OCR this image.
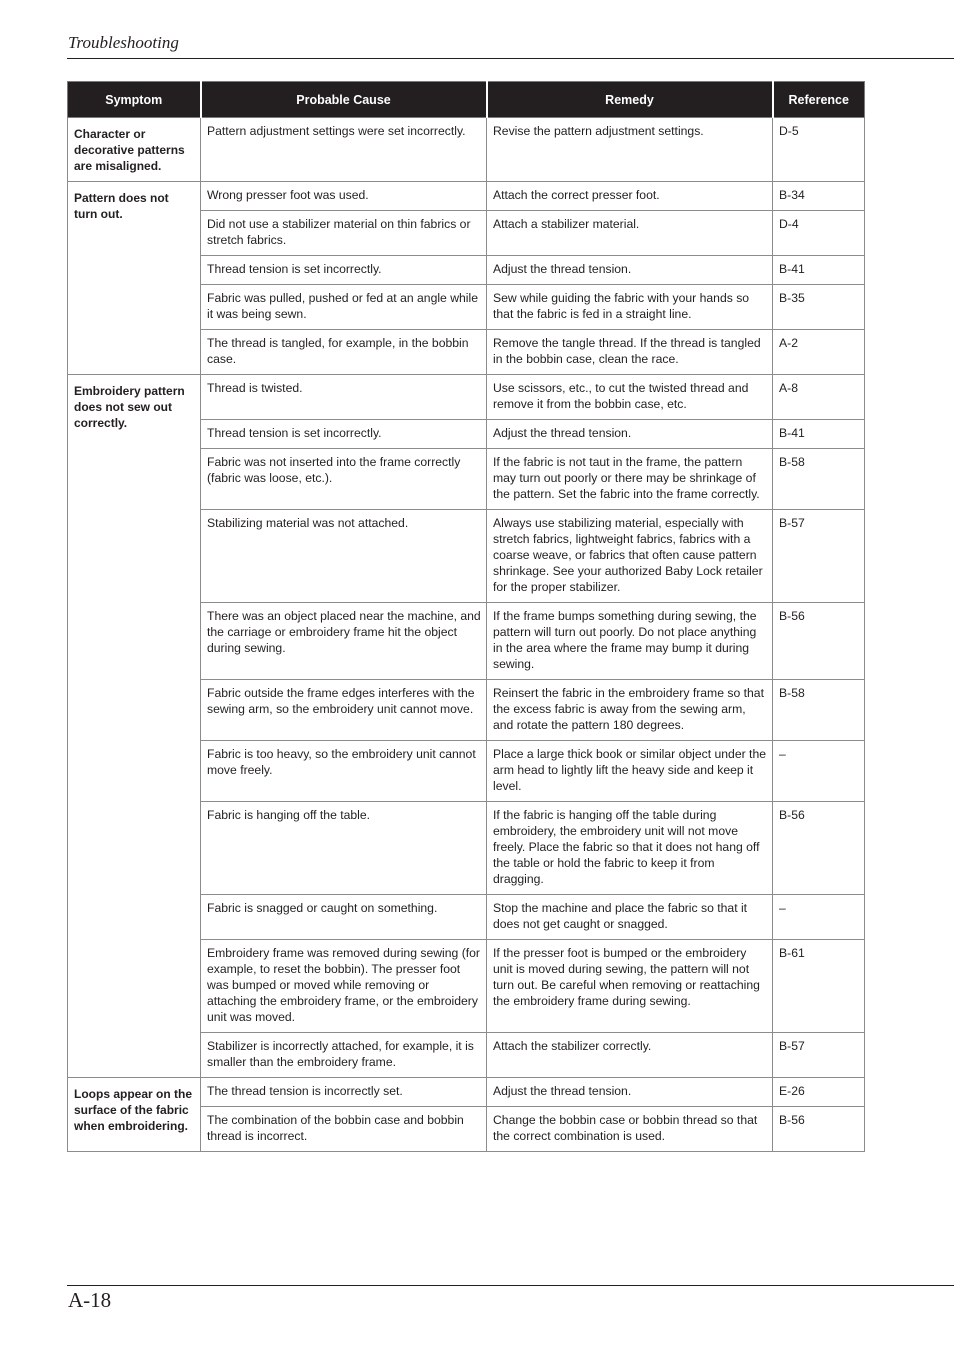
Troubleshooting
Symptom	Probable Cause	Remedy	Reference
Character or decorative patterns are misaligned.	Pattern adjustment settings were set incorrectly.	Revise the pattern adjustment settings.	D-5
Pattern does not turn out.	Wrong presser foot was used.	Attach the correct presser foot.	B-34
	Did not use a stabilizer material on thin fabrics or stretch fabrics.	Attach a stabilizer material.	D-4
	Thread tension is set incorrectly.	Adjust the thread tension.	B-41
	Fabric was pulled, pushed or fed at an angle while it was being sewn.	Sew while guiding the fabric with your hands so that the fabric is fed in a straight line.	B-35
	The thread is tangled, for example, in the bobbin case.	Remove the tangle thread. If the thread is tangled in the bobbin case, clean the race.	A-2
Embroidery pattern does not sew out correctly.	Thread is twisted.	Use scissors, etc., to cut the twisted thread and remove it from the bobbin case, etc.	A-8
	Thread tension is set incorrectly.	Adjust the thread tension.	B-41
	Fabric was not inserted into the frame correctly (fabric was loose, etc.).	If the fabric is not taut in the frame, the pattern may turn out poorly or there may be shrinkage of the pattern. Set the fabric into the frame correctly.	B-58
	Stabilizing material was not attached.	Always use stabilizing material, especially with stretch fabrics, lightweight fabrics, fabrics with a coarse weave, or fabrics that often cause pattern shrinkage. See your authorized Baby Lock retailer for the proper stabilizer.	B-57
	There was an object placed near the machine, and the carriage or embroidery frame hit the object during sewing.	If the frame bumps something during sewing, the pattern will turn out poorly. Do not place anything in the area where the frame may bump it during sewing.	B-56
	Fabric outside the frame edges interferes with the sewing arm, so the embroidery unit cannot move.	Reinsert the fabric in the embroidery frame so that the excess fabric is away from the sewing arm, and rotate the pattern 180 degrees.	B-58
	Fabric is too heavy, so the embroidery unit cannot move freely.	Place a large thick book or similar object under the arm head to lightly lift the heavy side and keep it level.	–
	Fabric is hanging off the table.	If the fabric is hanging off the table during embroidery, the embroidery unit will not move freely. Place the fabric so that it does not hang off the table or hold the fabric to keep it from dragging.	B-56
	Fabric is snagged or caught on something.	Stop the machine and place the fabric so that it does not get caught or snagged.	–
	Embroidery frame was removed during sewing (for example, to reset the bobbin). The presser foot was bumped or moved while removing or attaching the embroidery frame, or the embroidery unit was moved.	If the presser foot is bumped or the embroidery unit is moved during sewing, the pattern will not turn out. Be careful when removing or reattaching the embroidery frame during sewing.	B-61
	Stabilizer is incorrectly attached, for example, it is smaller than the embroidery frame.	Attach the stabilizer correctly.	B-57
Loops appear on the surface of the fabric when embroidering.	The thread tension is incorrectly set.	Adjust the thread tension.	E-26
	The combination of the bobbin case and bobbin thread is incorrect.	Change the bobbin case or bobbin thread so that the correct combination is used.	B-56
A-18
